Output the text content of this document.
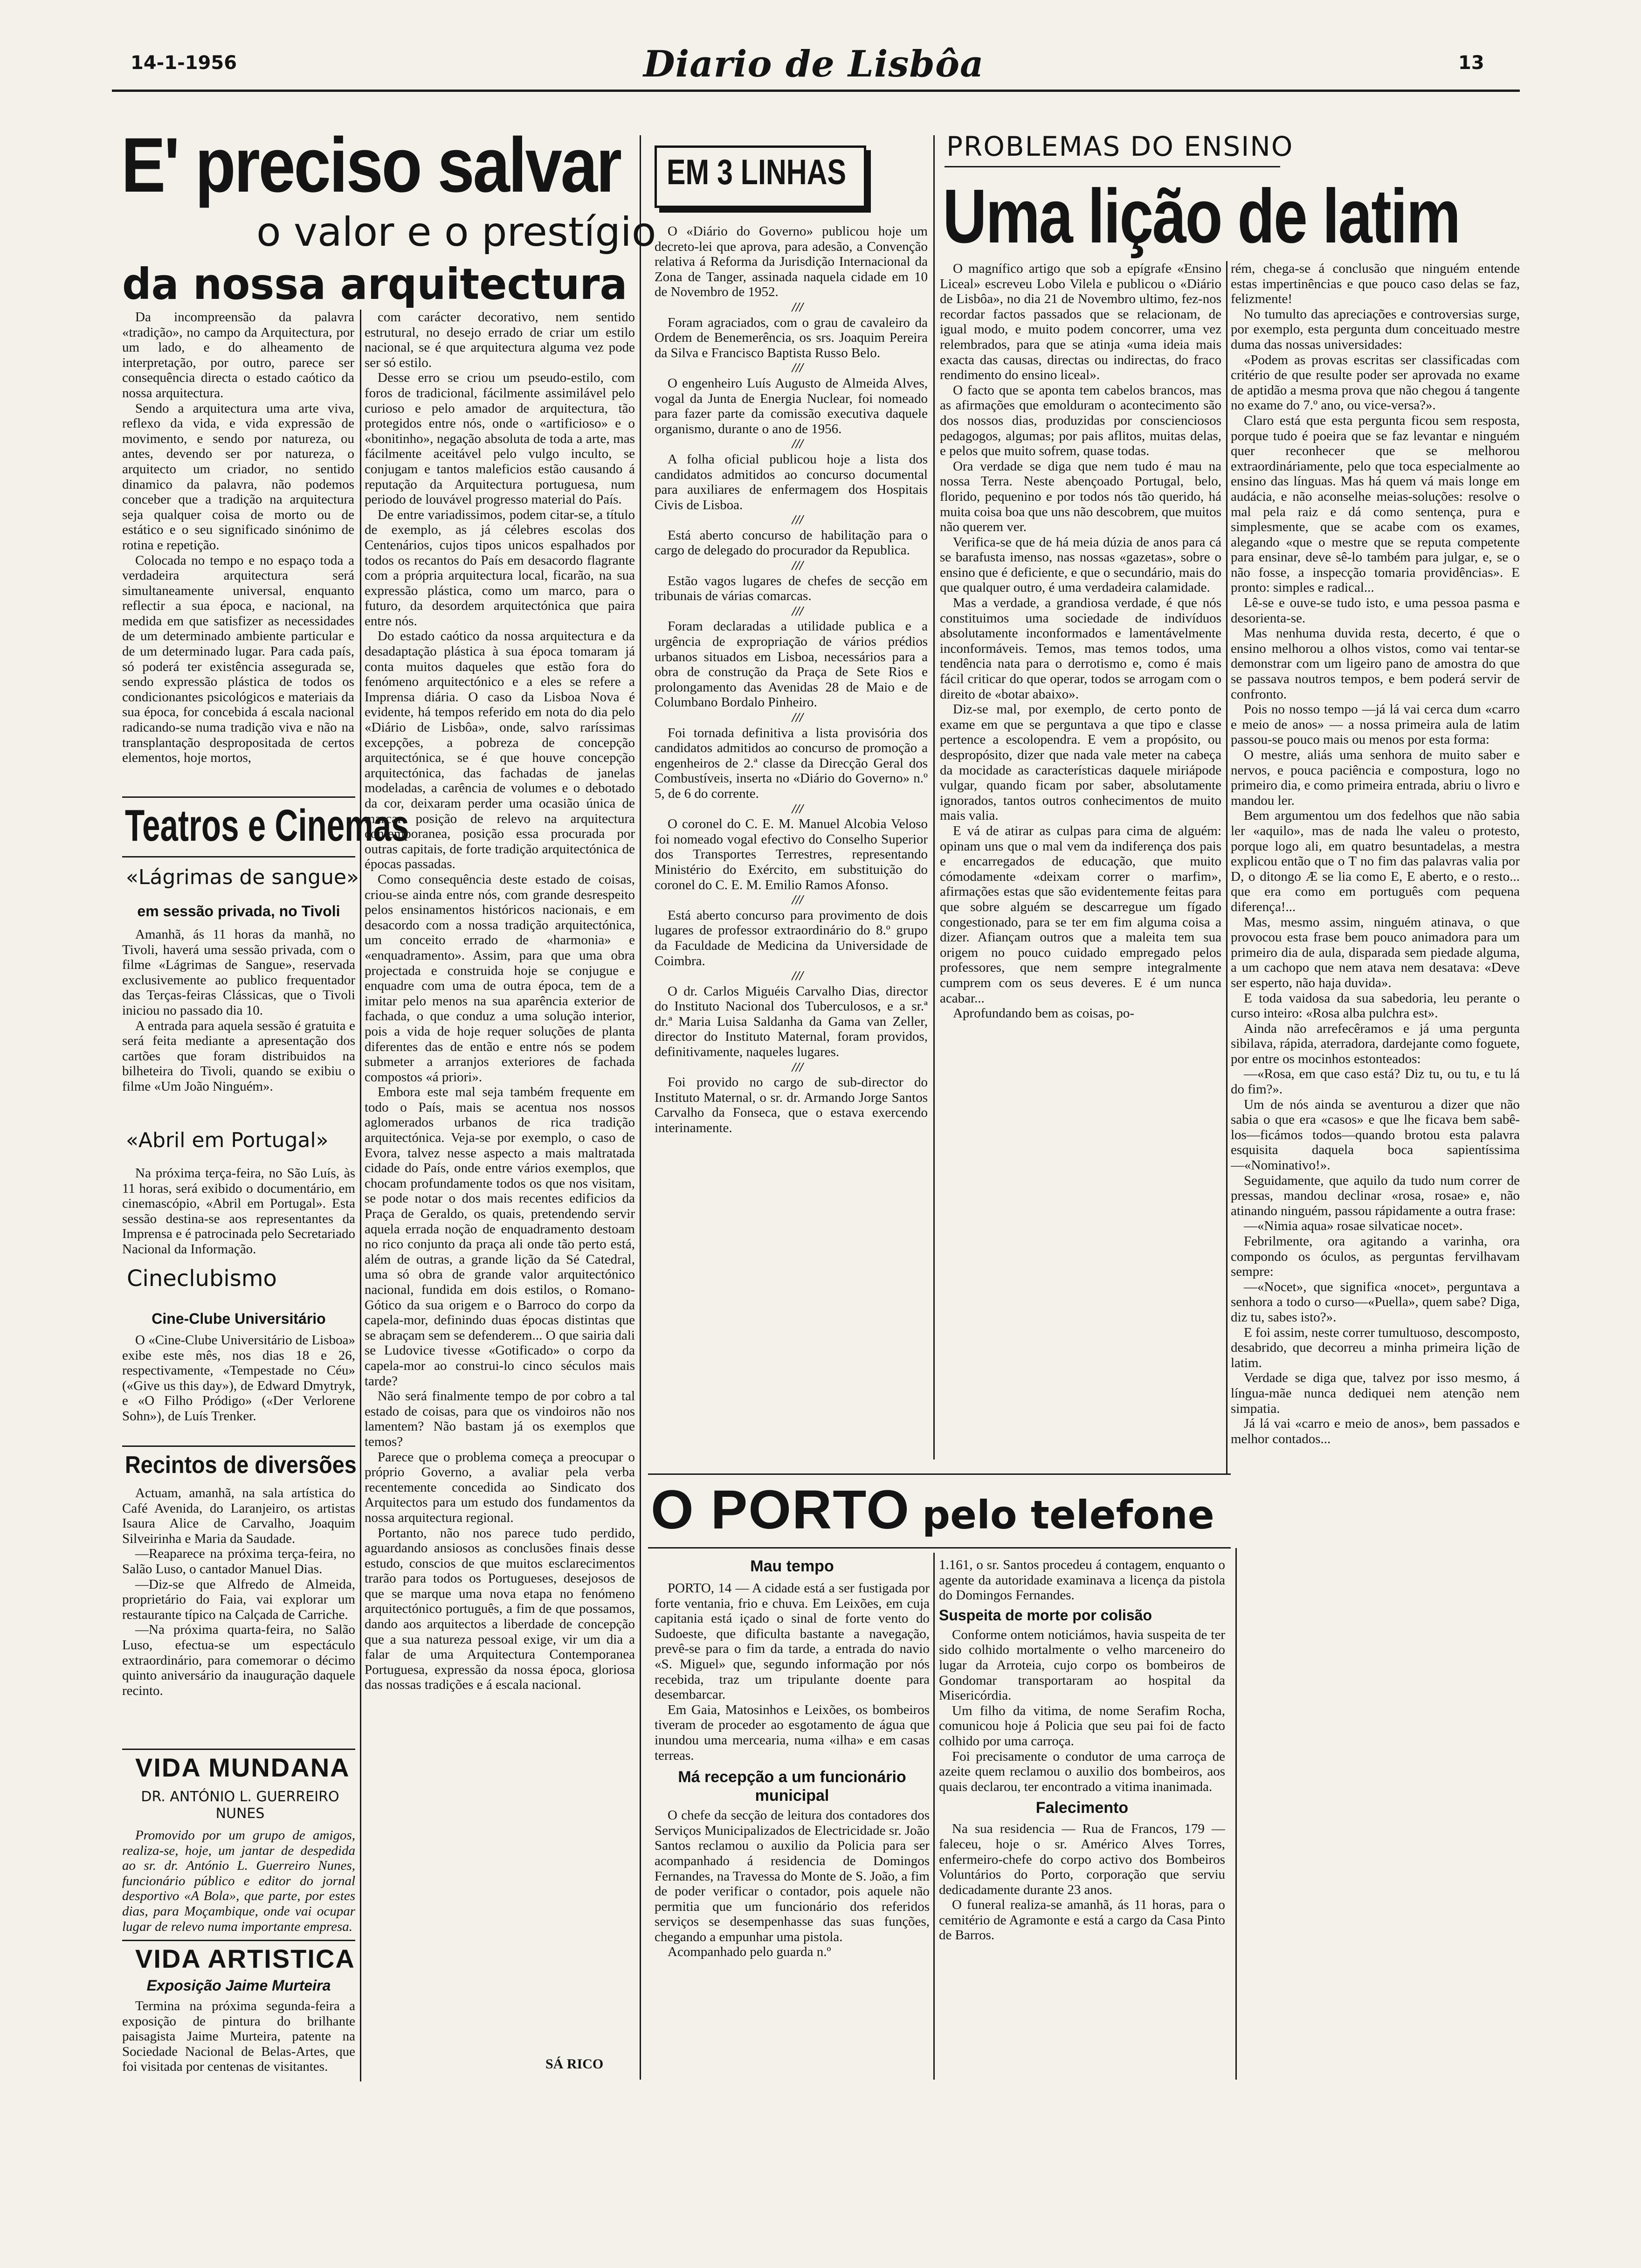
14-1-1956	Diario de Lisbôa	13
E' preciso salvar
o valor e o prestígio
da nossa arquitectura

Da incompreensão da palavra «tradição», no campo da Arquitectura, por um lado, e do alheamento de interpretação, por outro, parece ser consequência directa o estado caótico da nossa arquitectura.

Sendo a arquitectura uma arte viva, reflexo da vida, e vida expressão de movimento, e sendo por natureza, ou antes, devendo ser por natureza, o arquitecto um criador, no sentido dinamico da palavra, não podemos conceber que a tradição na arquitectura seja qualquer coisa de morto ou de estático e o seu significado sinónimo de rotina e repetição.

Colocada no tempo e no espaço toda a verdadeira arquitectura será simultaneamente universal, enquanto reflectir a sua época, e nacional, na medida em que satisfizer as necessidades de um determinado ambiente particular e de um determinado lugar. Para cada país, só poderá ter existência assegurada se, sendo expressão plástica de todos os condicionantes psicológicos e materiais da sua época, for concebida á escala nacional radicando-se numa tradição viva e não na transplantação despropositada de certos elementos, hoje mortos,

com carácter decorativo, nem sentido estrutural, no desejo errado de criar um estilo nacional, se é que arquitectura alguma vez pode ser só estilo.

Desse erro se criou um pseudo-estilo, com foros de tradicional, fácilmente assimilável pelo curioso e pelo amador de arquitectura, tão protegidos entre nós, onde o «artificioso» e o «bonitinho», negação absoluta de toda a arte, mas fácilmente aceitável pelo vulgo inculto, se conjugam e tantos maleficios estão causando á reputação da Arquitectura portuguesa, num periodo de louvável progresso material do País.

De entre variadissimos, podem citar-se, a título de exemplo, as já célebres escolas dos Centenários, cujos tipos unicos espalhados por todos os recantos do País em desacordo flagrante com a própria arquitectura local, ficarão, na sua expressão plástica, como um marco, para o futuro, da desordem arquitectónica que paira entre nós.

Do estado caótico da nossa arquitectura e da desadaptação plástica à sua época tomaram já conta muitos daqueles que estão fora do fenómeno arquitectónico e a eles se refere a Imprensa diária. O caso da Lisboa Nova é evidente, há tempos referido em nota do dia pelo «Diário de Lisbôa», onde, salvo raríssimas excepções, a pobreza de concepção arquitectónica, se é que houve concepção arquitectónica, das fachadas de janelas modeladas, a carência de volumes e o debotado da cor, deixaram perder uma ocasião única de marcar posição de relevo na arquitectura contemporanea, posição essa procurada por outras capitais, de forte tradição arquitectónica de épocas passadas.

Como consequência deste estado de coisas, criou-se ainda entre nós, com grande desrespeito pelos ensinamentos históricos nacionais, e em desacordo com a nossa tradição arquitectónica, um conceito errado de «harmonia» e «enquadramento». Assim, para que uma obra projectada e construida hoje se conjugue e enquadre com uma de outra época, tem de a imitar pelo menos na sua aparência exterior de fachada, o que conduz a uma solução interior, pois a vida de hoje requer soluções de planta diferentes das de então e entre nós se podem submeter a arranjos exteriores de fachada compostos «á priori».

Embora este mal seja também frequente em todo o País, mais se acentua nos nossos aglomerados urbanos de rica tradição arquitectónica. Veja-se por exemplo, o caso de Evora, talvez nesse aspecto a mais maltratada cidade do País, onde entre vários exemplos, que chocam profundamente todos os que nos visitam, se pode notar o dos mais recentes edificios da Praça de Geraldo, os quais, pretendendo servir aquela errada noção de enquadramento destoam no rico conjunto da praça ali onde tão perto está, além de outras, a grande lição da Sé Catedral, uma só obra de grande valor arquitectónico nacional, fundida em dois estilos, o Romano-Gótico da sua origem e o Barroco do corpo da capela-mor, definindo duas épocas distintas que se abraçam sem se defenderem... O que sairia dali se Ludovice tivesse «Gotificado» o corpo da capela-mor ao construi-lo cinco séculos mais tarde?

Não será finalmente tempo de por cobro a tal estado de coisas, para que os vindoiros não nos lamentem? Não bastam já os exemplos que temos?

Parece que o problema começa a preocupar o próprio Governo, a avaliar pela verba recentemente concedida ao Sindicato dos Arquitectos para um estudo dos fundamentos da nossa arquitectura regional.

Portanto, não nos parece tudo perdido, aguardando ansiosos as conclusões finais desse estudo, conscios de que muitos esclarecimentos trarão para todos os Portugueses, desejosos de que se marque uma nova etapa no fenómeno arquitectónico português, a fim de que possamos, dando aos arquitectos a liberdade de concepção que a sua natureza pessoal exige, vir um dia a falar de uma Arquitectura Contemporanea Portuguesa, expressão da nossa época, gloriosa das nossas tradições e á escala nacional.

SÁ RICO
Teatros e Cinemas
«Lágrimas de sangue»
em sessão privada, no Tivoli

Amanhã, ás 11 horas da manhã, no Tivoli, haverá uma sessão privada, com o filme «Lágrimas de Sangue», reservada exclusivemente ao publico frequentador das Terças-feiras Clássicas, que o Tivoli iniciou no passado dia 10.

A entrada para aquela sessão é gratuita e será feita mediante a apresentação dos cartões que foram distribuidos na bilheteira do Tivoli, quando se exibiu o filme «Um João Ninguém».

«Abril em Portugal»

Na próxima terça-feira, no São Luís, às 11 horas, será exibido o documentário, em cinemascópio, «Abril em Portugal». Esta sessão destina-se aos representantes da Imprensa e é patrocinada pelo Secretariado Nacional da Informação.

Cineclubismo
Cine-Clube Universitário

O «Cine-Clube Universitário de Lisboa» exibe este mês, nos dias 18 e 26, respectivamente, «Tempestade no Céu» («Give us this day»), de Edward Dmytryk, e «O Filho Pródigo» («Der Verlorene Sohn»), de Luís Trenker.

Recintos de diversões

Actuam, amanhã, na sala artística do Café Avenida, do Laranjeiro, os artistas Isaura Alice de Carvalho, Joaquim Silveirinha e Maria da Saudade.

—Reaparece na próxima terça-feira, no Salão Luso, o cantador Manuel Dias.

—Diz-se que Alfredo de Almeida, proprietário do Faia, vai explorar um restaurante típico na Calçada de Carriche.

—Na próxima quarta-feira, no Salão Luso, efectua-se um espectáculo extraordinário, para comemorar o décimo quinto aniversário da inauguração daquele recinto.

VIDA MUNDANA
DR. ANTÓNIO L. GUERREIRO NUNES

Promovido por um grupo de amigos, realiza-se, hoje, um jantar de despedida ao sr. dr. António L. Guerreiro Nunes, funcionário público e editor do jornal desportivo «A Bola», que parte, por estes dias, para Moçambique, onde vai ocupar lugar de relevo numa importante empresa.

VIDA ARTISTICA
Exposição Jaime Murteira

Termina na próxima segunda-feira a exposição de pintura do brilhante paisagista Jaime Murteira, patente na Sociedade Nacional de Belas-Artes, que foi visitada por centenas de visitantes.

EM 3 LINHAS

O «Diário do Governo» publicou hoje um decreto-lei que aprova, para adesão, a Convenção relativa á Reforma da Jurisdição Internacional da Zona de Tanger, assinada naquela cidade em 10 de Novembro de 1952.

///

Foram agraciados, com o grau de cavaleiro da Ordem de Benemerência, os srs. Joaquim Pereira da Silva e Francisco Baptista Russo Belo.

///

O engenheiro Luís Augusto de Almeida Alves, vogal da Junta de Energia Nuclear, foi nomeado para fazer parte da comissão executiva daquele organismo, durante o ano de 1956.

///

A folha oficial publicou hoje a lista dos candidatos admitidos ao concurso documental para auxiliares de enfermagem dos Hospitais Civis de Lisboa.

///

Está aberto concurso de habilitação para o cargo de delegado do procurador da Republica.

///

Estão vagos lugares de chefes de secção em tribunais de várias comarcas.

///

Foram declaradas a utilidade publica e a urgência de expropriação de vários prédios urbanos situados em Lisboa, necessários para a obra de construção da Praça de Sete Rios e prolongamento das Avenidas 28 de Maio e de Columbano Bordalo Pinheiro.

///

Foi tornada definitiva a lista provisória dos candidatos admitidos ao concurso de promoção a engenheiros de 2.ª classe da Direcção Geral dos Combustíveis, inserta no «Diário do Governo» n.º 5, de 6 do corrente.

///

O coronel do C. E. M. Manuel Alcobia Veloso foi nomeado vogal efectivo do Conselho Superior dos Transportes Terrestres, representando Ministério do Exército, em substituição do coronel do C. E. M. Emilio Ramos Afonso.

///

Está aberto concurso para provimento de dois lugares de professor extraordinário do 8.º grupo da Faculdade de Medicina da Universidade de Coimbra.

///

O dr. Carlos Miguéis Carvalho Dias, director do Instituto Nacional dos Tuberculosos, e a sr.ª dr.ª Maria Luisa Saldanha da Gama van Zeller, director do Instituto Maternal, foram providos, definitivamente, naqueles lugares.

///

Foi provido no cargo de sub-director do Instituto Maternal, o sr. dr. Armando Jorge Santos Carvalho da Fonseca, que o estava exercendo interinamente.

PROBLEMAS DO ENSINO
Uma lição de latim

O magnífico artigo que sob a epígrafe «Ensino Liceal» escreveu Lobo Vilela e publicou o «Diário de Lisbôa», no dia 21 de Novembro ultimo, fez-nos recordar factos passados que se relacionam, de igual modo, e muito podem concorrer, uma vez relembrados, para que se atinja «uma ideia mais exacta das causas, directas ou indirectas, do fraco rendimento do ensino liceal».

O facto que se aponta tem cabelos brancos, mas as afirmações que emolduram o acontecimento são dos nossos dias, produzidas por conscienciosos pedagogos, algumas; por pais aflitos, muitas delas, e pelos que muito sofrem, quase todas.

Ora verdade se diga que nem tudo é mau na nossa Terra. Neste abençoado Portugal, belo, florido, pequenino e por todos nós tão querido, há muita coisa boa que uns não descobrem, que muitos não querem ver.

Verifica-se que de há meia dúzia de anos para cá se barafusta imenso, nas nossas «gazetas», sobre o ensino que é deficiente, e que o secundário, mais do que qualquer outro, é uma verdadeira calamidade.

Mas a verdade, a grandiosa verdade, é que nós constituimos uma sociedade de indivíduos absolutamente inconformados e lamentávelmente inconformáveis. Temos, mas temos todos, uma tendência nata para o derrotismo e, como é mais fácil criticar do que operar, todos se arrogam com o direito de «botar abaixo».

Diz-se mal, por exemplo, de certo ponto de exame em que se perguntava a que tipo e classe pertence a escolopendra. E vem a propósito, ou despropósito, dizer que nada vale meter na cabeça da mocidade as características daquele miriápode vulgar, quando ficam por saber, absolutamente ignorados, tantos outros conhecimentos de muito mais valia.

E vá de atirar as culpas para cima de alguém: opinam uns que o mal vem da indiferença dos pais e encarregados de educação, que muito cómodamente «deixam correr o marfim», afirmações estas que são evidentemente feitas para que sobre alguém se descarregue um fígado congestionado, para se ter em fim alguma coisa a dizer. Afiançam outros que a maleita tem sua origem no pouco cuidado empregado pelos professores, que nem sempre integralmente cumprem com os seus deveres. E é um nunca acabar...

Aprofundando bem as coisas, po-

rém, chega-se á conclusão que ninguém entende estas impertinências e que pouco caso delas se faz, felizmente!

No tumulto das apreciações e controversias surge, por exemplo, esta pergunta dum conceituado mestre duma das nossas universidades:

«Podem as provas escritas ser classificadas com critério de que resulte poder ser aprovada no exame de aptidão a mesma prova que não chegou á tangente no exame do 7.º ano, ou vice-versa?».

Claro está que esta pergunta ficou sem resposta, porque tudo é poeira que se faz levantar e ninguém quer reconhecer que se melhorou extraordináriamente, pelo que toca especialmente ao ensino das línguas. Mas há quem vá mais longe em audácia, e não aconselhe meias-soluções: resolve o mal pela raiz e dá como sentença, pura e simplesmente, que se acabe com os exames, alegando «que o mestre que se reputa competente para ensinar, deve sê-lo também para julgar, e, se o não fosse, a inspecção tomaria providências». E pronto: simples e radical...

Lê-se e ouve-se tudo isto, e uma pessoa pasma e desorienta-se.

Mas nenhuma duvida resta, decerto, é que o ensino melhorou a olhos vistos, como vai tentar-se demonstrar com um ligeiro pano de amostra do que se passava noutros tempos, e bem poderá servir de confronto.

Pois no nosso tempo —já lá vai cerca dum «carro e meio de anos» — a nossa primeira aula de latim passou-se pouco mais ou menos por esta forma:

O mestre, aliás uma senhora de muito saber e nervos, e pouca paciência e compostura, logo no primeiro dia, e como primeira entrada, abriu o livro e mandou ler.

Bem argumentou um dos fedelhos que não sabia ler «aquilo», mas de nada lhe valeu o protesto, porque logo ali, em quatro besuntadelas, a mestra explicou então que o T no fim das palavras valia por D, o ditongo Æ se lia como E, E aberto, e o resto... que era como em português com pequena diferença!...

Mas, mesmo assim, ninguém atinava, o que provocou esta frase bem pouco animadora para um primeiro dia de aula, disparada sem piedade alguma, a um cachopo que nem atava nem desatava: «Deve ser esperto, não haja duvida».

E toda vaidosa da sua sabedoria, leu perante o curso inteiro: «Rosa alba pulchra est».

Ainda não arrefecêramos e já uma pergunta sibilava, rápida, aterradora, dardejante como foguete, por entre os mocinhos estonteados:

—«Rosa, em que caso está? Diz tu, ou tu, e tu lá do fim?».

Um de nós ainda se aventurou a dizer que não sabia o que era «casos» e que lhe ficava bem sabê-los—ficámos todos—quando brotou esta palavra esquisita daquela boca sapientíssima—«Nominativo!».

Seguidamente, que aquilo da tudo num correr de pressas, mandou declinar «rosa, rosae» e, não atinando ninguém, passou rápidamente a outra frase:

—«Nimia aqua» rosae silvaticae nocet».

Febrilmente, ora agitando a varinha, ora compondo os óculos, as perguntas fervilhavam sempre:

—«Nocet», que significa «nocet», perguntava a senhora a todo o curso—«Puella», quem sabe? Diga, diz tu, sabes isto?».

E foi assim, neste correr tumultuoso, descomposto, desabrido, que decorreu a minha primeira lição de latim.

Verdade se diga que, talvez por isso mesmo, á língua-mãe nunca dediquei nem atenção nem simpatia.

Já lá vai «carro e meio de anos», bem passados e melhor contados...

O PORTO pelo telefone
Mau tempo

PORTO, 14 — A cidade está a ser fustigada por forte ventania, frio e chuva. Em Leixões, em cuja capitania está içado o sinal de forte vento do Sudoeste, que dificulta bastante a navegação, prevê-se para o fim da tarde, a entrada do navio «S. Miguel» que, segundo informação por nós recebida, traz um tripulante doente para desembarcar.

Em Gaia, Matosinhos e Leixões, os bombeiros tiveram de proceder ao esgotamento de água que inundou uma mercearia, numa «ilha» e em casas terreas.

Má recepção a um funcionário municipal

O chefe da secção de leitura dos contadores dos Serviços Municipalizados de Electricidade sr. João Santos reclamou o auxilio da Policia para ser acompanhado á residencia de Domingos Fernandes, na Travessa do Monte de S. João, a fim de poder verificar o contador, pois aquele não permitia que um funcionário dos referidos serviços se desempenhasse das suas funções, chegando a empunhar uma pistola.

Acompanhado pelo guarda n.º

1.161, o sr. Santos procedeu á contagem, enquanto o agente da autoridade examinava a licença da pistola do Domingos Fernandes.

Suspeita de morte por colisão

Conforme ontem noticiámos, havia suspeita de ter sido colhido mortalmente o velho marceneiro do lugar da Arroteia, cujo corpo os bombeiros de Gondomar transportaram ao hospital da Misericórdia.

Um filho da vitima, de nome Serafim Rocha, comunicou hoje á Policia que seu pai foi de facto colhido por uma carroça.

Foi precisamente o condutor de uma carroça de azeite quem reclamou o auxilio dos bombeiros, aos quais declarou, ter encontrado a vitima inanimada.

Falecimento

Na sua residencia — Rua de Francos, 179 — faleceu, hoje o sr. Américo Alves Torres, enfermeiro-chefe do corpo activo dos Bombeiros Voluntários do Porto, corporação que serviu dedicadamente durante 23 anos.

O funeral realiza-se amanhã, ás 11 horas, para o cemitério de Agramonte e está a cargo da Casa Pinto de Barros.
